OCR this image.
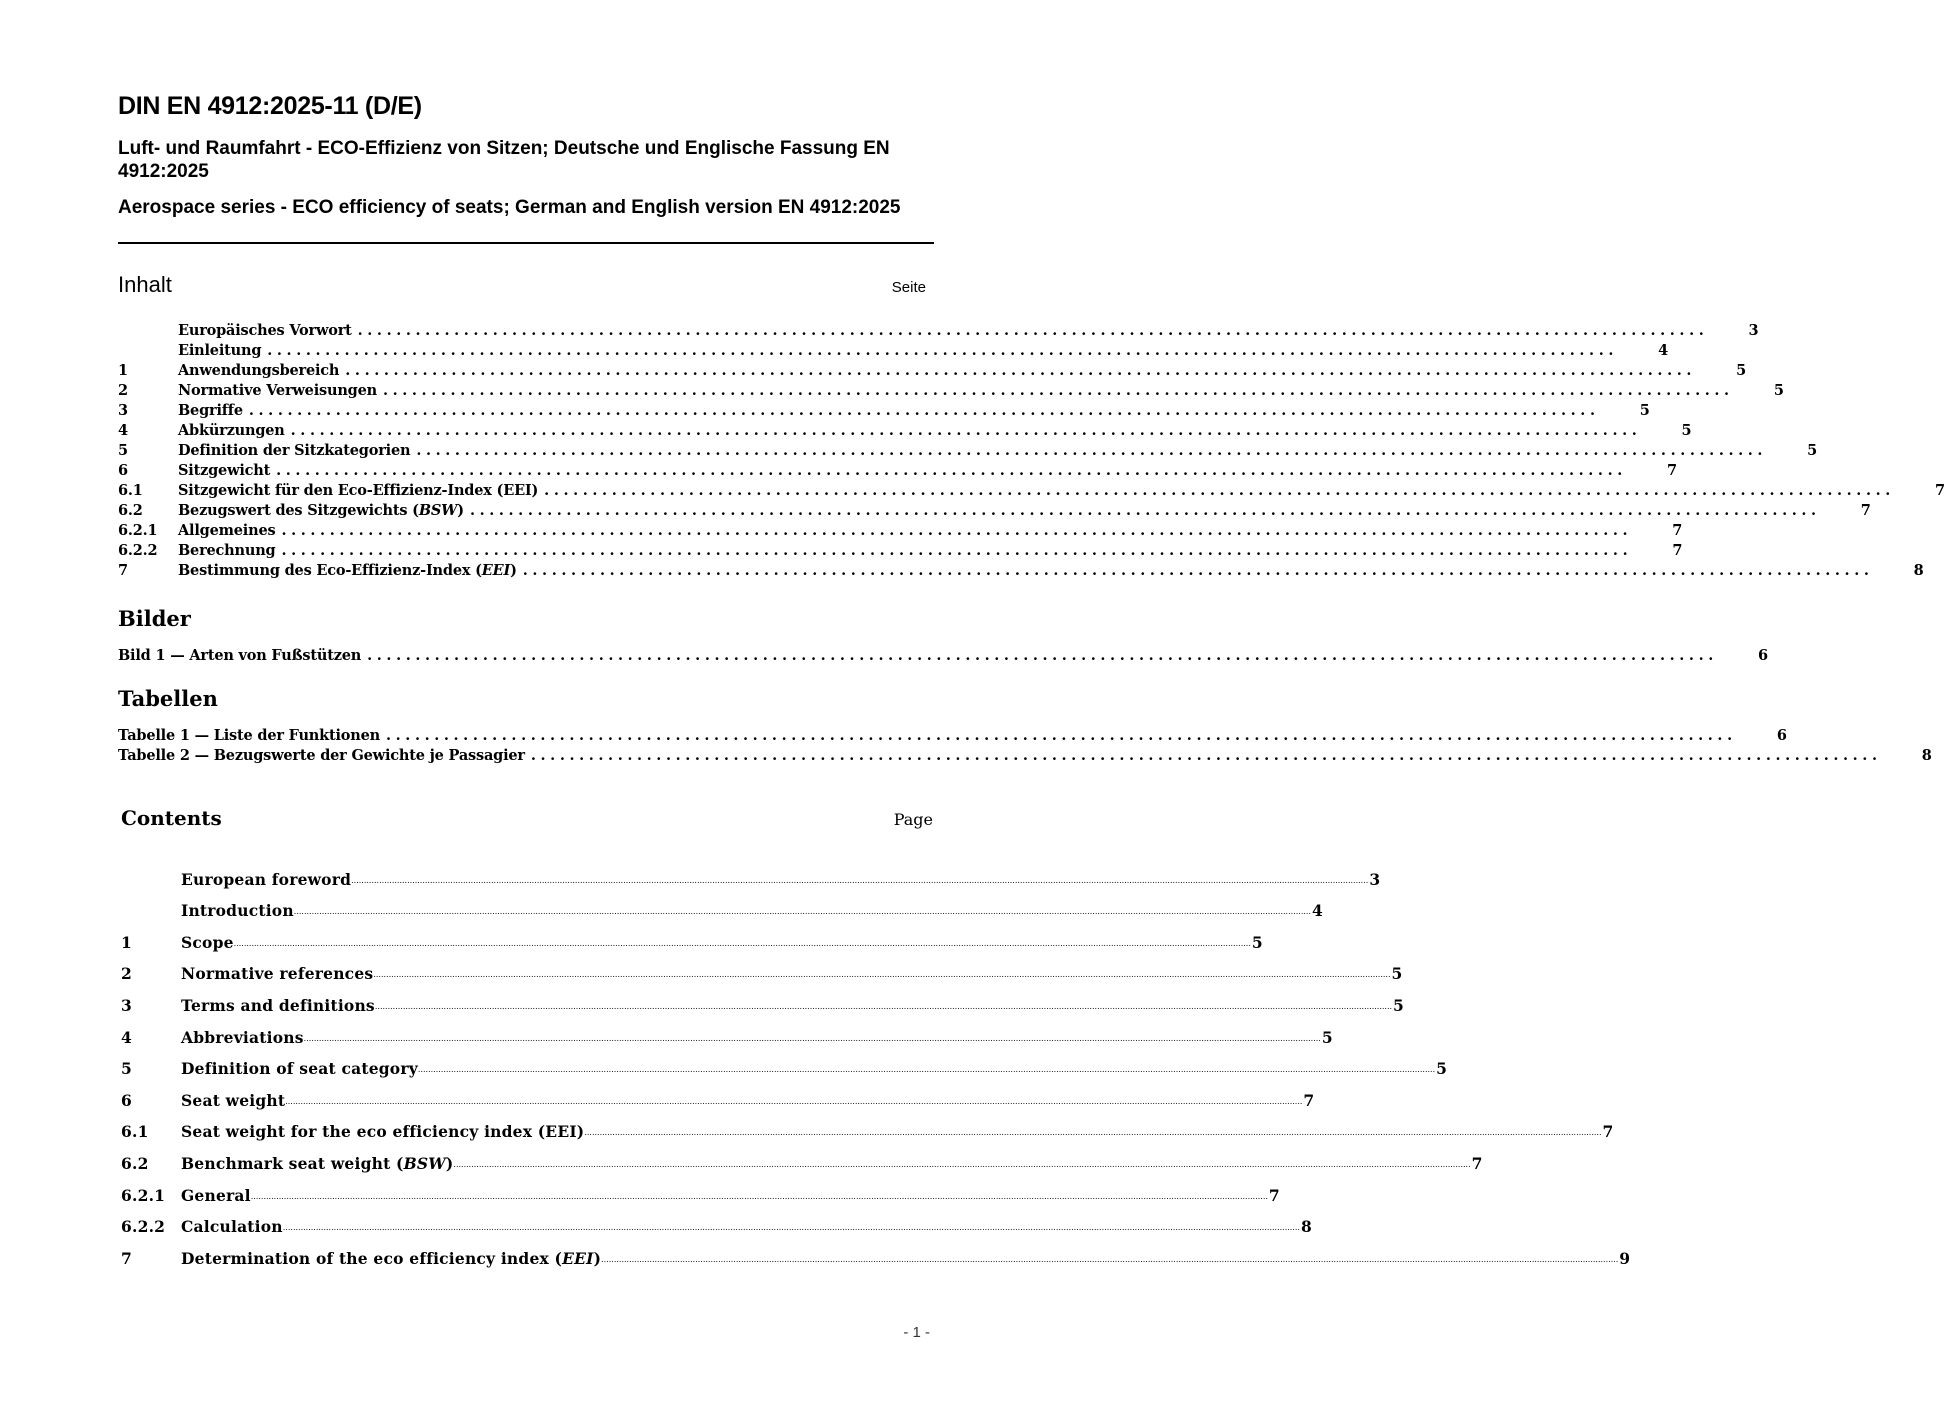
DIN EN 4912:2025-11 (D/E)

Luft- und Raumfahrt - ECO-Effizienz von Sitzen; Deutsche und Englische Fassung EN 4912:2025

Aerospace series - ECO efficiency of seats; German and English version EN 4912:2025

Inhalt	Seite
Europäisches Vorwort ............................................................................................................................................	3
Einleitung ............................................................................................................................................	4
1	Anwendungsbereich ............................................................................................................................................	5
2	Normative Verweisungen ............................................................................................................................................	5
3	Begriffe ............................................................................................................................................	5
4	Abkürzungen ............................................................................................................................................	5
5	Definition der Sitzkategorien ............................................................................................................................................	5
6	Sitzgewicht ............................................................................................................................................	7
6.1	Sitzgewicht für den Eco-Effizienz-Index (EEI) ............................................................................................................................................	7
6.2	Bezugswert des Sitzgewichts (BSW) ............................................................................................................................................	7
6.2.1	Allgemeines ............................................................................................................................................	7
6.2.2	Berechnung ............................................................................................................................................	7
7	Bestimmung des Eco-Effizienz-Index (EEI) ............................................................................................................................................	8
Bilder
Bild 1 — Arten von Fußstützen ............................................................................................................................................	6
Tabellen
Tabelle 1 — Liste der Funktionen ............................................................................................................................................	6
Tabelle 2 — Bezugswerte der Gewichte je Passagier ............................................................................................................................................	8
Contents	Page
European foreword ................................................................................................................................................................................................................................................................................................................................................................................................................ 3
Introduction ................................................................................................................................................................................................................................................................................................................................................................................................................ 4
1	Scope ................................................................................................................................................................................................................................................................................................................................................................................................................ 5
2	Normative references ................................................................................................................................................................................................................................................................................................................................................................................................................ 5
3	Terms and definitions ................................................................................................................................................................................................................................................................................................................................................................................................................ 5
4	Abbreviations ................................................................................................................................................................................................................................................................................................................................................................................................................ 5
5	Definition of seat category ................................................................................................................................................................................................................................................................................................................................................................................................................ 5
6	Seat weight ................................................................................................................................................................................................................................................................................................................................................................................................................ 7
6.1	Seat weight for the eco efficiency index (EEI) ................................................................................................................................................................................................................................................................................................................................................................................................................ 7
6.2	Benchmark seat weight (BSW) ................................................................................................................................................................................................................................................................................................................................................................................................................ 7
6.2.1	General ................................................................................................................................................................................................................................................................................................................................................................................................................ 7
6.2.2	Calculation ................................................................................................................................................................................................................................................................................................................................................................................................................ 8
7	Determination of the eco efficiency index (EEI) ................................................................................................................................................................................................................................................................................................................................................................................................................ 9
- 1 -
